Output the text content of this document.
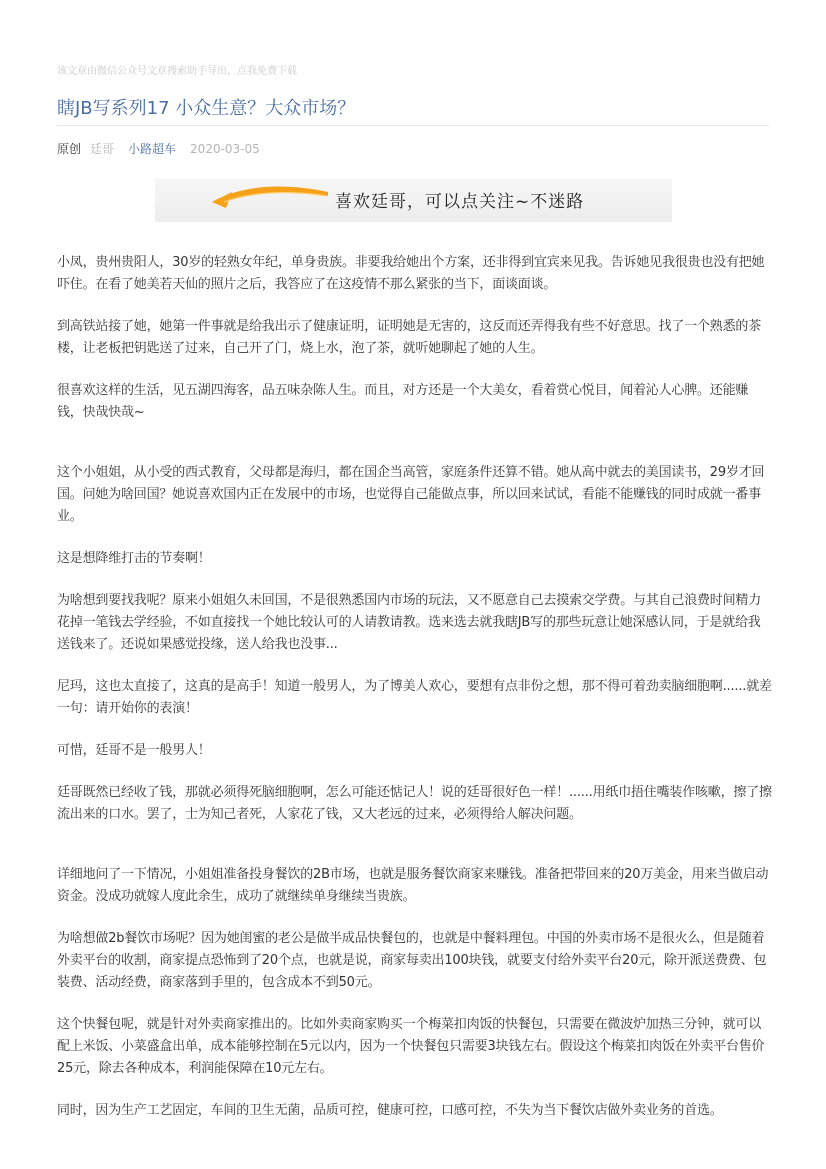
该文章由微信公众号文章搜索助手导出，点我免费下载
瞎JB写系列17 小众生意？大众市场？
原创 廷哥 小路超车 2020-03-05
喜欢廷哥，可以点关注~不迷路

小凤，贵州贵阳人，30岁的轻熟女年纪，单身贵族。非要我给她出个方案，还非得到宜宾来见我。告诉她见我很贵也没有把她吓住。在看了她美若天仙的照片之后，我答应了在这疫情不那么紧张的当下，面谈面谈。

到高铁站接了她，她第一件事就是给我出示了健康证明，证明她是无害的，这反而还弄得我有些不好意思。找了一个熟悉的茶楼，让老板把钥匙送了过来，自己开了门，烧上水，泡了茶，就听她聊起了她的人生。

很喜欢这样的生活，见五湖四海客，品五味杂陈人生。而且，对方还是一个大美女，看着赏心悦目，闻着沁人心脾。还能赚钱，快哉快哉~

这个小姐姐，从小受的西式教育，父母都是海归，都在国企当高管，家庭条件还算不错。她从高中就去的美国读书，29岁才回国。问她为啥回国？她说喜欢国内正在发展中的市场，也觉得自己能做点事，所以回来试试，看能不能赚钱的同时成就一番事业。

这是想降维打击的节奏啊！

为啥想到要找我呢？原来小姐姐久未回国，不是很熟悉国内市场的玩法，又不愿意自己去摸索交学费。与其自己浪费时间精力花掉一笔钱去学经验，不如直接找一个她比较认可的人请教请教。选来选去就我瞎JB写的那些玩意让她深感认同，于是就给我送钱来了。还说如果感觉投缘，送人给我也没事...

尼玛，这也太直接了，这真的是高手！知道一般男人，为了博美人欢心，要想有点非份之想，那不得可着劲卖脑细胞啊......就差一句：请开始你的表演！

可惜，廷哥不是一般男人！

廷哥既然已经收了钱，那就必须得死脑细胞啊，怎么可能还惦记人！说的廷哥很好色一样！......用纸巾捂住嘴装作咳嗽，擦了擦流出来的口水。罢了，士为知己者死，人家花了钱，又大老远的过来，必须得给人解决问题。

详细地问了一下情况，小姐姐准备投身餐饮的2B市场，也就是服务餐饮商家来赚钱。准备把带回来的20万美金，用来当做启动资金。没成功就嫁人度此余生，成功了就继续单身继续当贵族。

为啥想做2b餐饮市场呢？因为她闺蜜的老公是做半成品快餐包的，也就是中餐料理包。中国的外卖市场不是很火么，但是随着外卖平台的收割，商家提点恐怖到了20个点，也就是说，商家每卖出100块钱，就要支付给外卖平台20元，除开派送费费、包装费、活动经费，商家落到手里的，包含成本不到50元。

这个快餐包呢，就是针对外卖商家推出的。比如外卖商家购买一个梅菜扣肉饭的快餐包，只需要在微波炉加热三分钟，就可以配上米饭、小菜盛盒出单，成本能够控制在5元以内，因为一个快餐包只需要3块钱左右。假设这个梅菜扣肉饭在外卖平台售价25元，除去各种成本，利润能保障在10元左右。

同时，因为生产工艺固定，车间的卫生无菌，品质可控，健康可控，口感可控，不失为当下餐饮店做外卖业务的首选。
